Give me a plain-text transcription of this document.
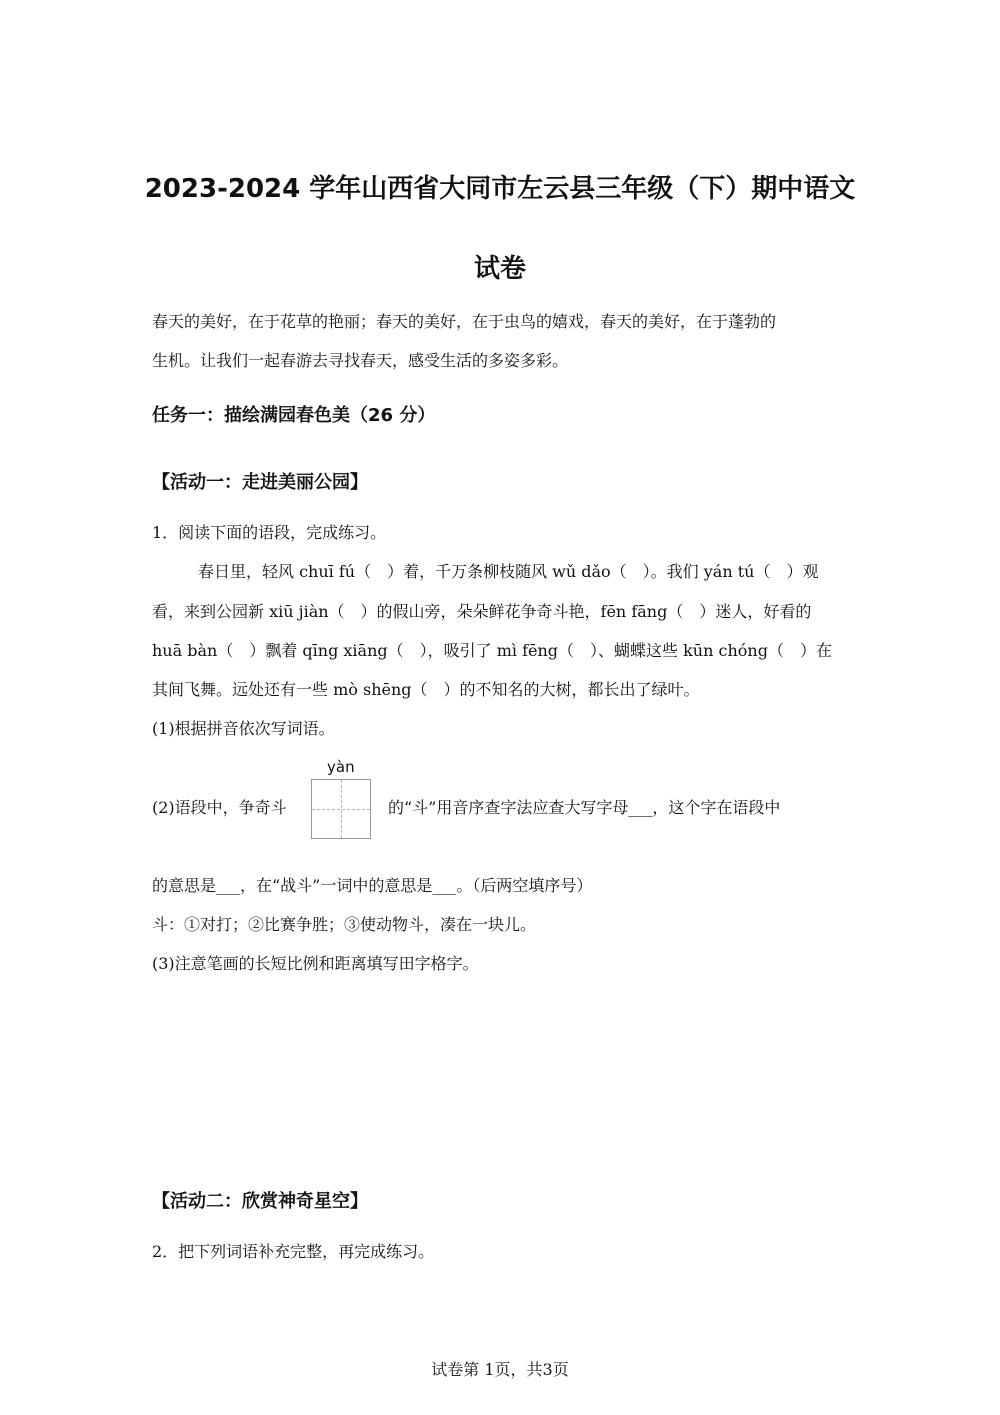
2023-2024 学年山西省大同市左云县三年级（下）期中语文
试卷
春天的美好，在于花草的艳丽；春天的美好，在于虫鸟的嬉戏，春天的美好，在于蓬勃的
生机。让我们一起春游去寻找春天，感受生活的多姿多彩。
任务一：描绘满园春色美（26 分）
【活动一：走进美丽公园】
1．阅读下面的语段，完成练习。
春日里，轻风 chuī fú（　）着，千万条柳枝随风 wǔ dǎo（　）。我们 yán tú（　）观
看，来到公园新 xiū jiàn（　）的假山旁，朵朵鲜花争奇斗艳，fēn fāng（　）迷人，好看的
huā bàn（　）飘着 qīng xiāng（　），吸引了 mì fēng（　）、蝴蝶这些 kūn chóng（　）在
其间飞舞。远处还有一些 mò shēng（　）的不知名的大树，都长出了绿叶。
(1)根据拼音依次写词语。
(2)语段中，争奇斗
yàn
的“斗”用音序查字法应查大写字母___，这个字在语段中
的意思是___，在“战斗”一词中的意思是___。（后两空填序号）
斗：①对打；②比赛争胜；③使动物斗，凑在一块儿。
(3)注意笔画的长短比例和距离填写田字格字。
【活动二：欣赏神奇星空】
2．把下列词语补充完整，再完成练习。
试卷第 1页，共3页
